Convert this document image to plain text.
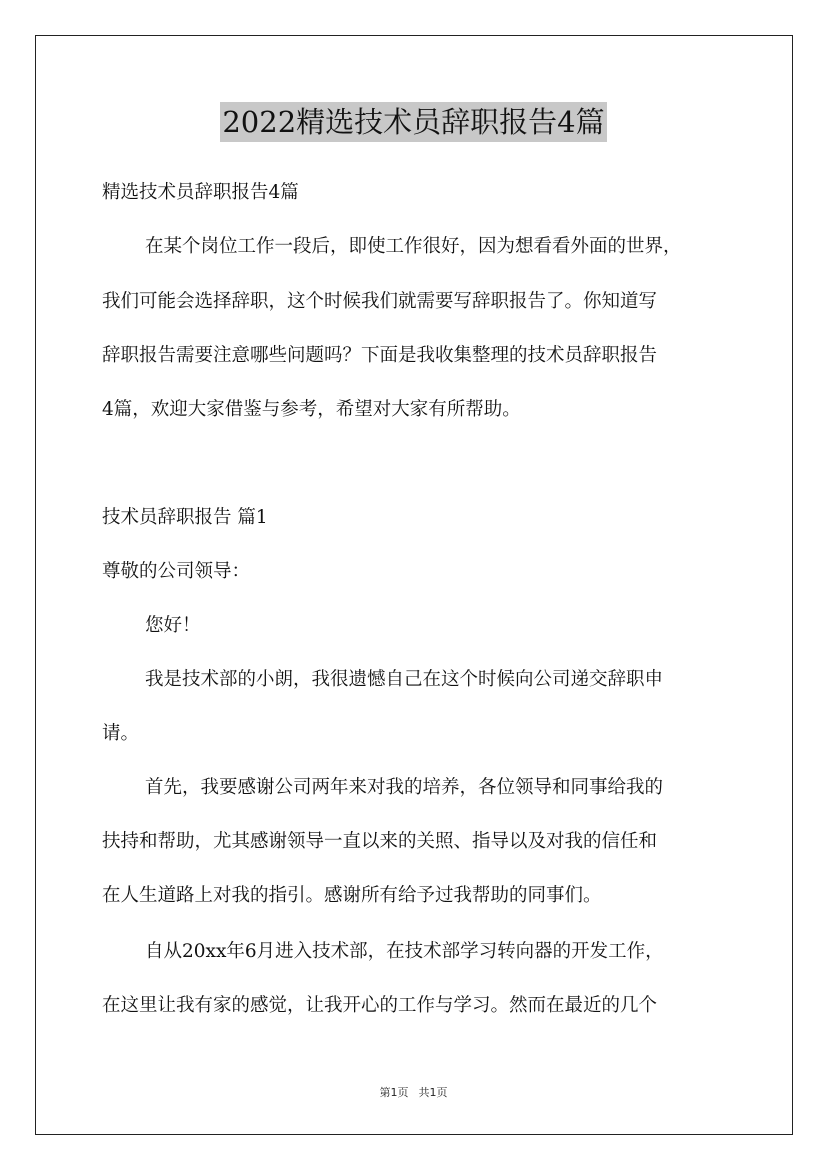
2022精选技术员辞职报告4篇
精选技术员辞职报告4篇
在某个岗位工作一段后，即使工作很好，因为想看看外面的世界，
我们可能会选择辞职，这个时候我们就需要写辞职报告了。你知道写
辞职报告需要注意哪些问题吗？下面是我收集整理的技术员辞职报告
4篇，欢迎大家借鉴与参考，希望对大家有所帮助。
技术员辞职报告 篇1
尊敬的公司领导：
您好！
我是技术部的小朗，我很遗憾自己在这个时候向公司递交辞职申
请。
首先，我要感谢公司两年来对我的培养，各位领导和同事给我的
扶持和帮助，尤其感谢领导一直以来的关照、指导以及对我的信任和
在人生道路上对我的指引。感谢所有给予过我帮助的同事们。
自从20xx年6月进入技术部，在技术部学习转向器的开发工作，
在这里让我有家的感觉，让我开心的工作与学习。然而在最近的几个
第1页 共1页
